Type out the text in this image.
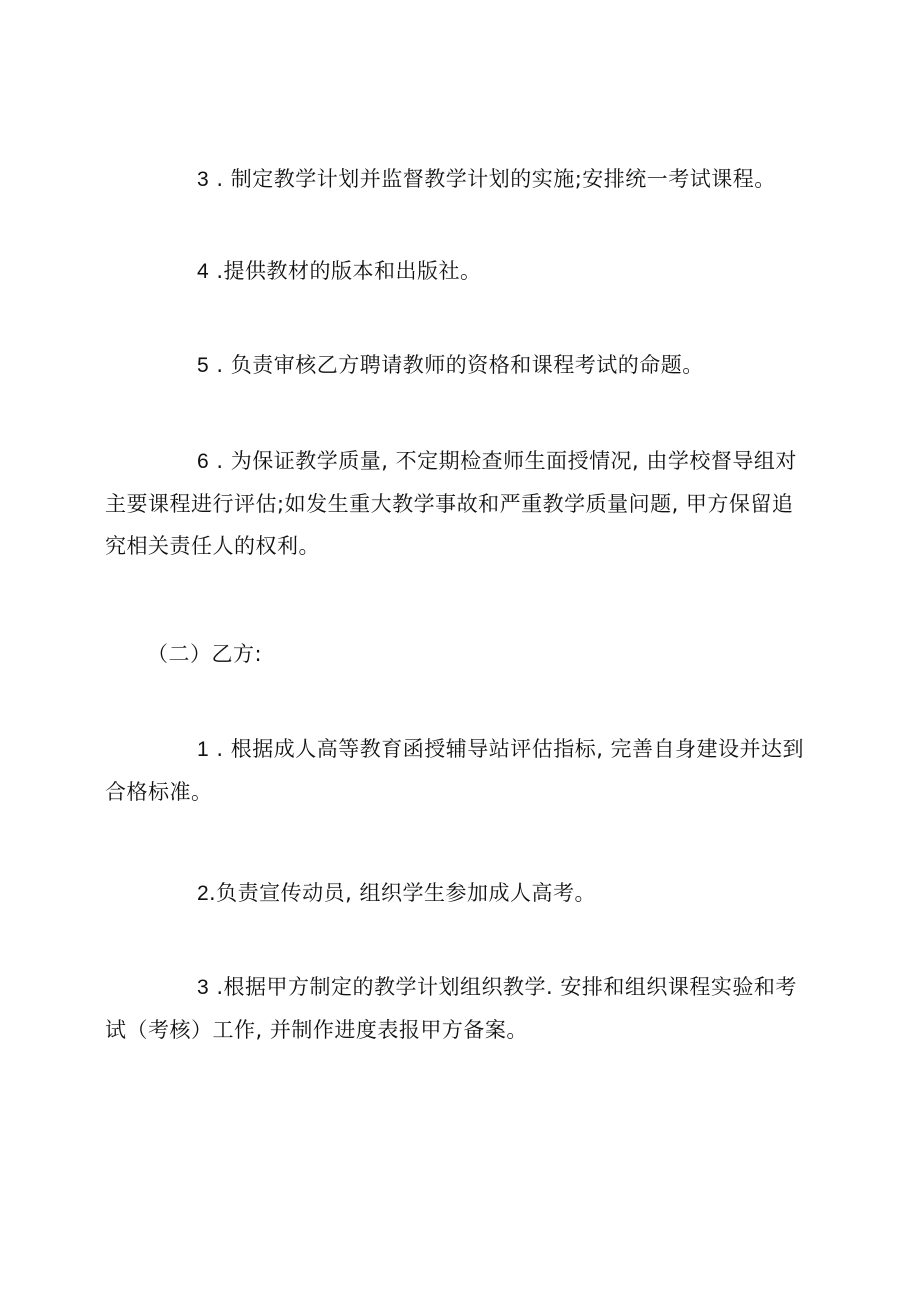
3 . 制定教学计划并监督教学计划的实施;安排统一考试课程。

4 .提供教材的版本和出版社。

5 . 负责审核乙方聘请教师的资格和课程考试的命题。

6 . 为保证教学质量, 不定期检查师生面授情况, 由学校督导组对主要课程进行评估;如发生重大教学事故和严重教学质量问题, 甲方保留追究相关责任人的权利。

（二）乙方:

1 . 根据成人高等教育函授辅导站评估指标, 完善自身建设并达到合格标准。

2.负责宣传动员, 组织学生参加成人高考。

3 .根据甲方制定的教学计划组织教学. 安排和组织课程实验和考试（考核）工作, 并制作进度表报甲方备案。
